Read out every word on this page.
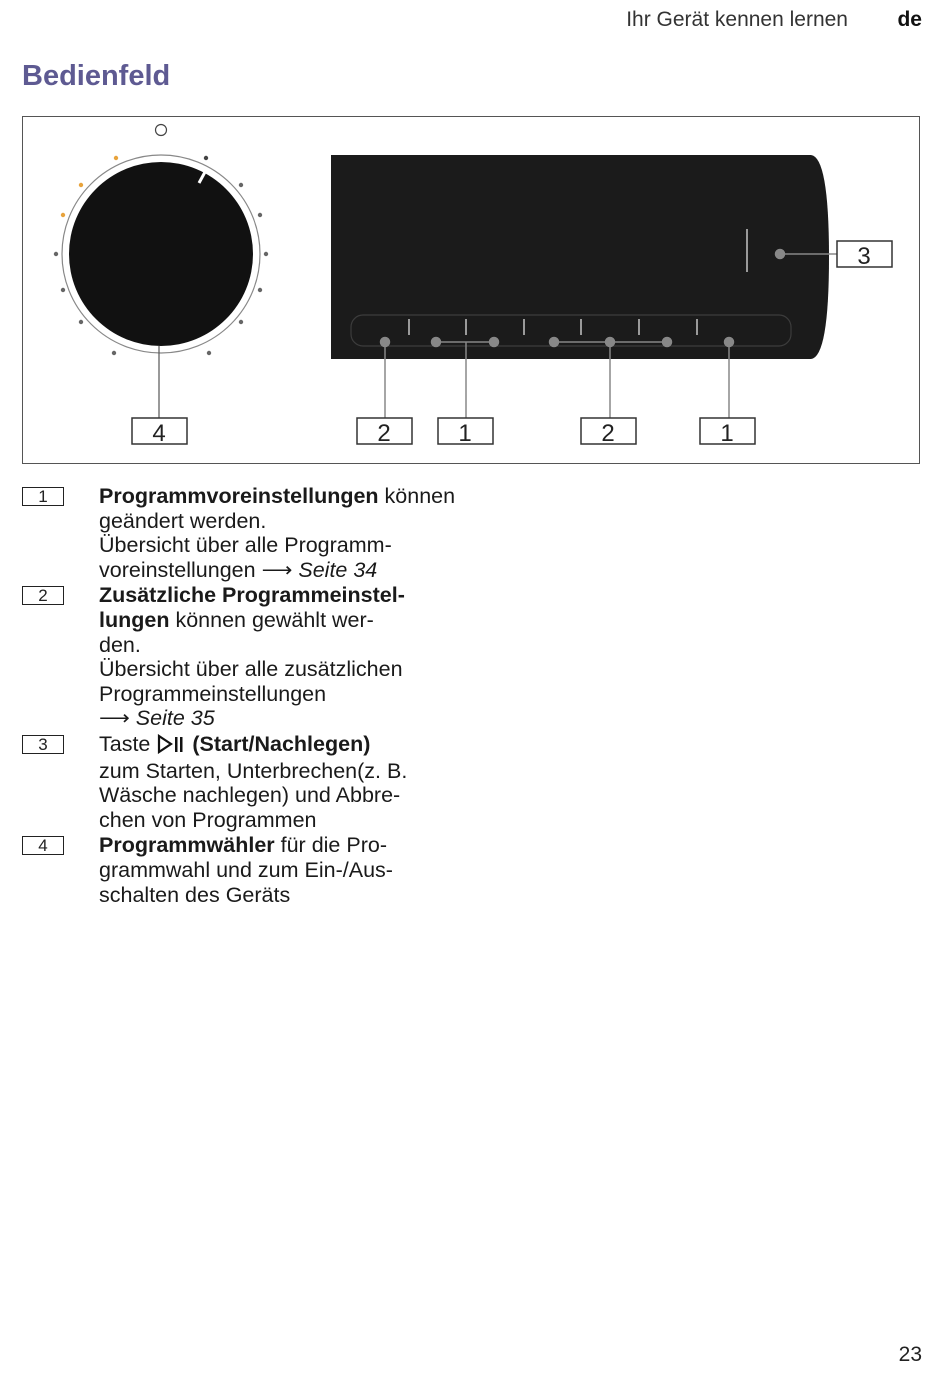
Ihr Gerät kennen lernen de
Bedienfeld
4	2	1	2	1
3
1	Programmvoreinstellungen können geändert werden.
Übersicht über alle Programm-
voreinstellungen ⟶ Seite 34
2	Zusätzliche Programmeinstel-
lungen können gewählt wer-
den.
Übersicht über alle zusätzlichen
Programmeinstellungen
⟶ Seite 35
3	Taste  (Start/Nachlegen)
zum Starten, Unterbrechen(z. B.
Wäsche nachlegen) und Abbre-
chen von Programmen
4	Programmwähler für die Pro-
grammwahl und zum Ein-/Aus-
schalten des Geräts
23
